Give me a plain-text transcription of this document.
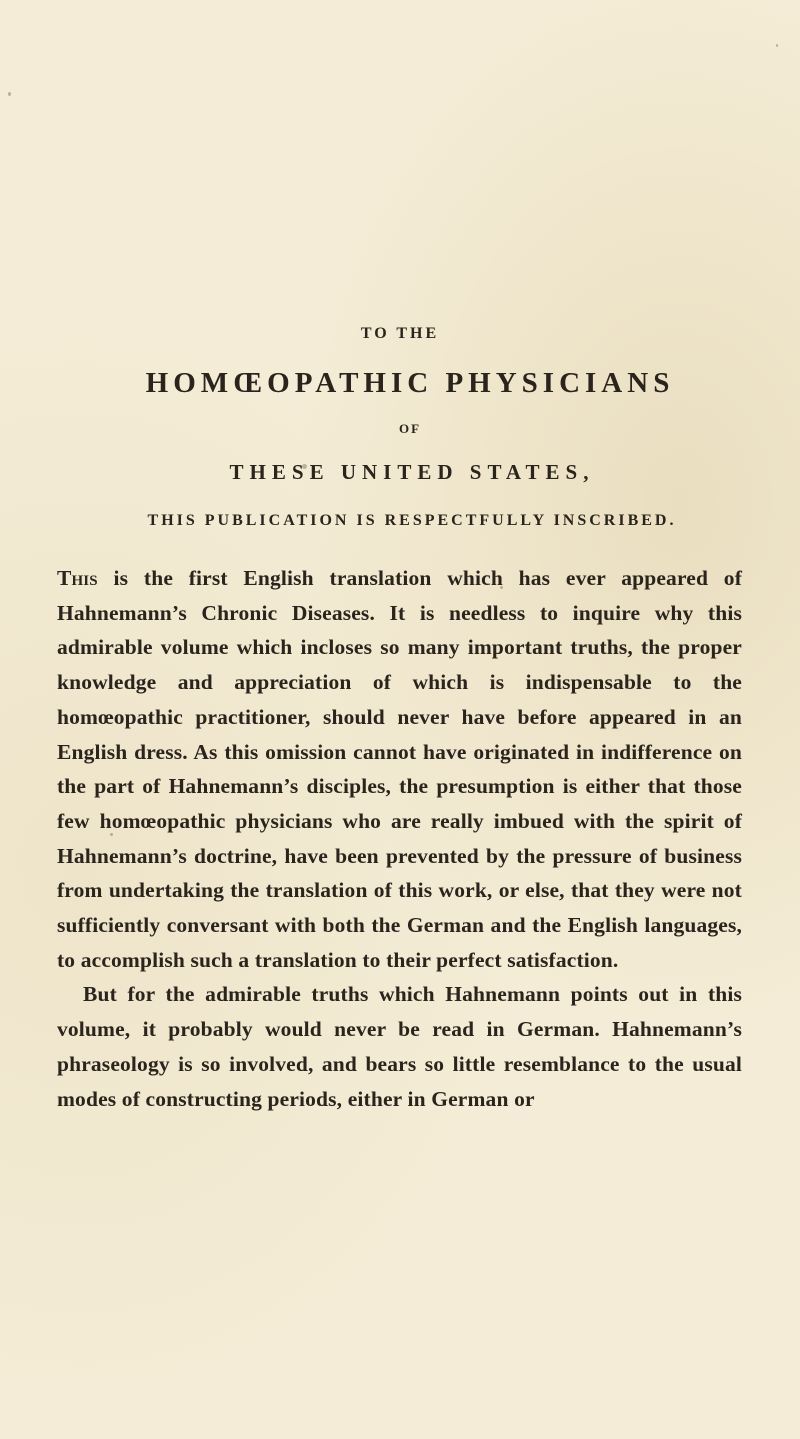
TO THE
HOMŒOPATHIC PHYSICIANS
OF
THESE UNITED STATES,
THIS PUBLICATION IS RESPECTFULLY INSCRIBED.

This is the first English translation which has ever appeared of Hahnemann’s Chronic Diseases. It is needless to inquire why this admirable volume which incloses so many important truths, the proper knowledge and appreciation of which is indispensable to the homœopathic practitioner, should never have before appeared in an English dress. As this omission cannot have originated in indifference on the part of Hahnemann’s disciples, the presumption is either that those few homœopathic physicians who are really imbued with the spirit of Hahnemann’s doctrine, have been prevented by the pressure of business from undertaking the translation of this work, or else, that they were not sufficiently conversant with both the German and the English languages, to accomplish such a translation to their perfect satisfaction.

But for the admirable truths which Hahnemann points out in this volume, it probably would never be read in German. Hahnemann’s phraseology is so involved, and bears so little resemblance to the usual modes of constructing periods, either in German or
